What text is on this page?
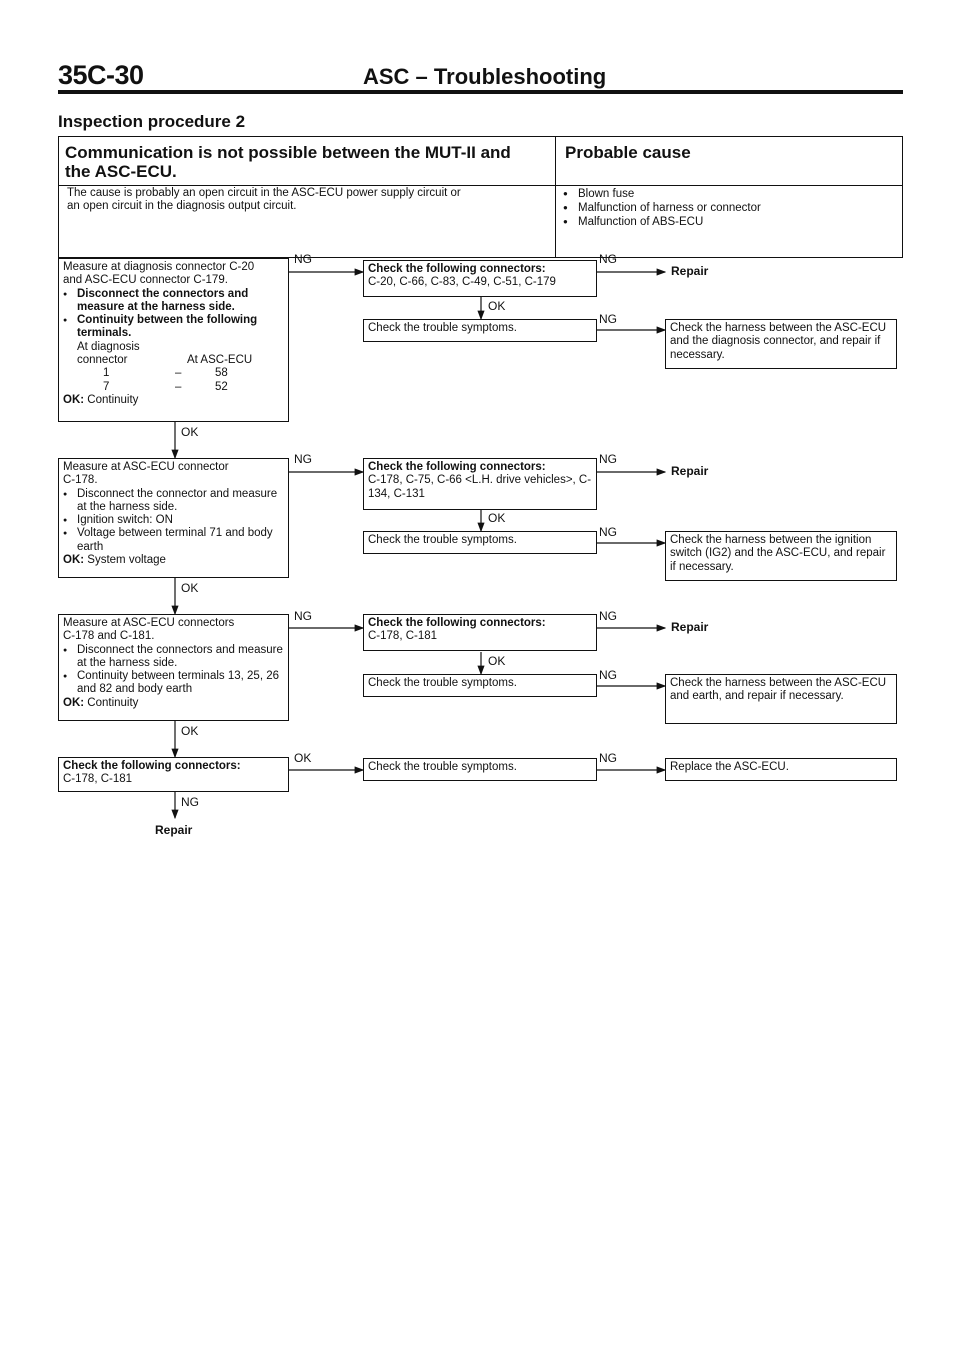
35C-30	ASC – Troubleshooting
Inspection procedure 2
Communication is not possible between the MUT-II and
the ASC-ECU.
Probable cause
The cause is probably an open circuit in the ASC-ECU power supply circuit or
an open circuit in the diagnosis output circuit.
● Blown fuse
● Malfunction of harness or connector
● Malfunction of ABS-ECU
Measure at diagnosis connector C-20
and ASC-ECU connector C-179.
● Disconnect the connectors and measure at the harness side.
● Continuity between the following terminals.
At diagnosis
connector	At ASC-ECU
1	–	58
7	–	52
OK: Continuity
Check the following connectors:
C-20, C-66, C-83, C-49, C-51, C-179
Check the trouble symptoms.	Check the harness between the ASC-ECU and the diagnosis connector, and repair if necessary.
Measure at ASC-ECU connector
C-178.
● Disconnect the connector and measure at the harness side.
● Ignition switch: ON
● Voltage between terminal 71 and body earth
OK: System voltage
Check the following connectors:
C-178, C-75, C-66 <L.H. drive vehicles>, C-134, C-131
Check the trouble symptoms.	Check the harness between the ignition switch (IG2) and the ASC-ECU, and repair if necessary.
Measure at ASC-ECU connectors
C-178 and C-181.
● Disconnect the connectors and measure at the harness side.
● Continuity between terminals 13, 25, 26 and 82 and body earth
OK: Continuity
Check the following connectors:
C-178, C-181
Check the trouble symptoms.	Check the harness between the ASC-ECU and earth, and repair if necessary.
Check the following connectors:
C-178, C-181
Check the trouble symptoms.	Replace the ASC-ECU.
NG	NG
OK
NG
OK
NG	NG
OK
NG
OK
NG	NG
OK
NG
OK
OK	NG
NG
Repair
Repair
Repair
Repair
